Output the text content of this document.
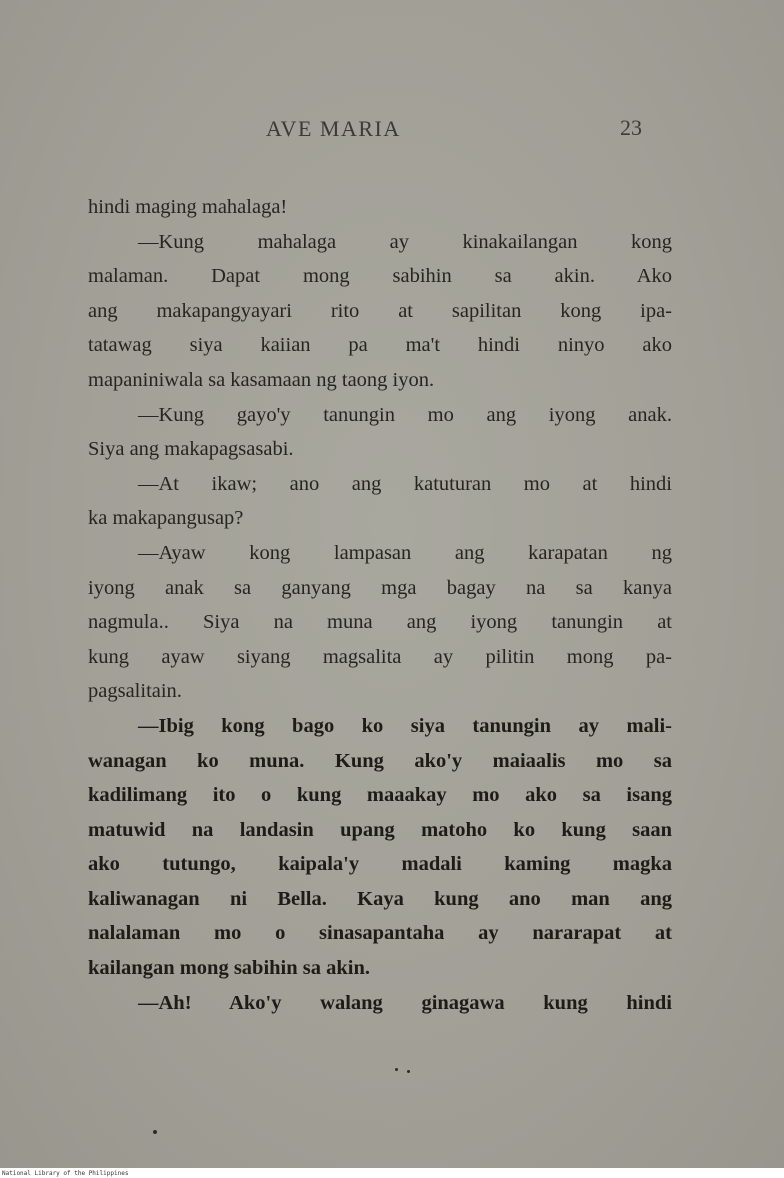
AVE MARIA	23
hindi maging mahalaga!
—Kung mahalaga ay kinakailangan kong
malaman. Dapat mong sabihin sa akin. Ako
ang makapangyayari rito at sapilitan kong ipa-
tatawag siya kaiian pa ma't hindi ninyo ako
mapaniniwala sa kasamaan ng taong iyon.
—Kung gayo'y tanungin mo ang iyong anak.
Siya ang makapagsasabi.
—At ikaw; ano ang katuturan mo at hindi
ka makapangusap?
—Ayaw kong lampasan ang karapatan ng
iyong anak sa ganyang mga bagay na sa kanya
nagmula.. Siya na muna ang iyong tanungin at
kung ayaw siyang magsalita ay pilitin mong pa-
pagsalitain.
—Ibig kong bago ko siya tanungin ay mali-
wanagan ko muna. Kung ako'y maiaalis mo sa
kadilimang ito o kung maaakay mo ako sa isang
matuwid na landasin upang matoho ko kung saan
ako tutungo, kaipala'y madali kaming magka
kaliwanagan ni Bella. Kaya kung ano man ang
nalalaman mo o sinasapantaha ay nararapat at
kailangan mong sabihin sa akin.
—Ah! Ako'y walang ginagawa kung hindi
National Library of the Philippines
